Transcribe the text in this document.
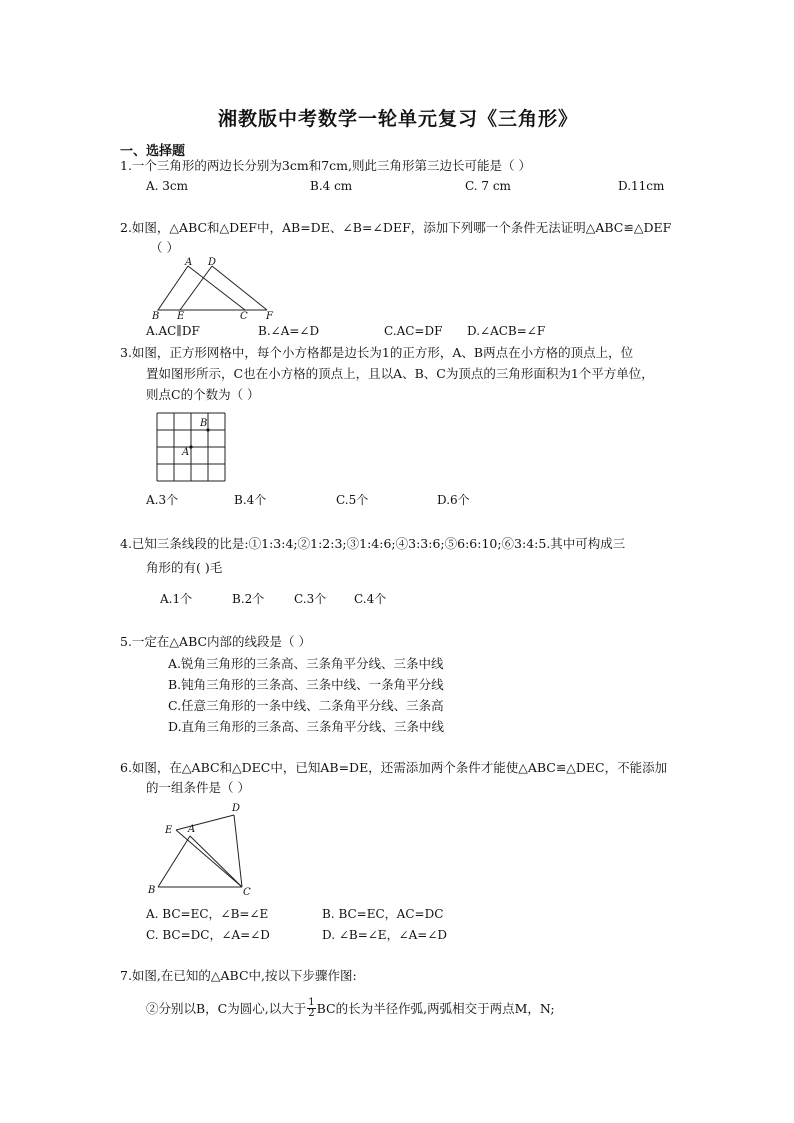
湘教版中考数学一轮单元复习《三角形》
一、选择题
1.一个三角形的两边长分别为3cm和7cm,则此三角形第三边长可能是（ ）
A. 3cm	B.4 cm	C. 7 cm	D.11cm
2.如图，△ABC和△DEF中，AB=DE、∠B=∠DEF，添加下列哪一个条件无法证明△ABC≌△DEF
（ ）
A D
B E	C F
A.AC∥DF	B.∠A=∠D	C.AC=DF D.∠ACB=∠F
3.如图，正方形网格中，每个小方格都是边长为1的正方形，A、B两点在小方格的顶点上，位
置如图形所示，C也在小方格的顶点上，且以A、B、C为顶点的三角形面积为1个平方单位，
则点C的个数为（ ）
B
A
A.3个	B.4个	C.5个	D.6个
4.已知三条线段的比是:①1:3:4;②1:2:3;③1:4:6;④3:3:6;⑤6:6:10;⑥3:4:5.其中可构成三
角形的有( )毛
A.1个	B.2个 C.3个 C.4个
5.一定在△ABC内部的线段是（ ）
A.锐角三角形的三条高、三条角平分线、三条中线
B.钝角三角形的三条高、三条中线、一条角平分线
C.任意三角形的一条中线、二条角平分线、三条高
D.直角三角形的三条高、三条角平分线、三条中线
6.如图，在△ABC和△DEC中，已知AB=DE，还需添加两个条件才能使△ABC≌△DEC，不能添加
的一组条件是（ ）
D
E A
B	C
A. BC=EC，∠B=∠E	B. BC=EC，AC=DC
C. BC=DC，∠A=∠D	D. ∠B=∠E，∠A=∠D
7.如图,在已知的△ABC中,按以下步骤作图:
②分别以B，C为圆心,以大于 $\frac{1}{2}$ BC的长为半径作弧,两弧相交于两点M，N;
